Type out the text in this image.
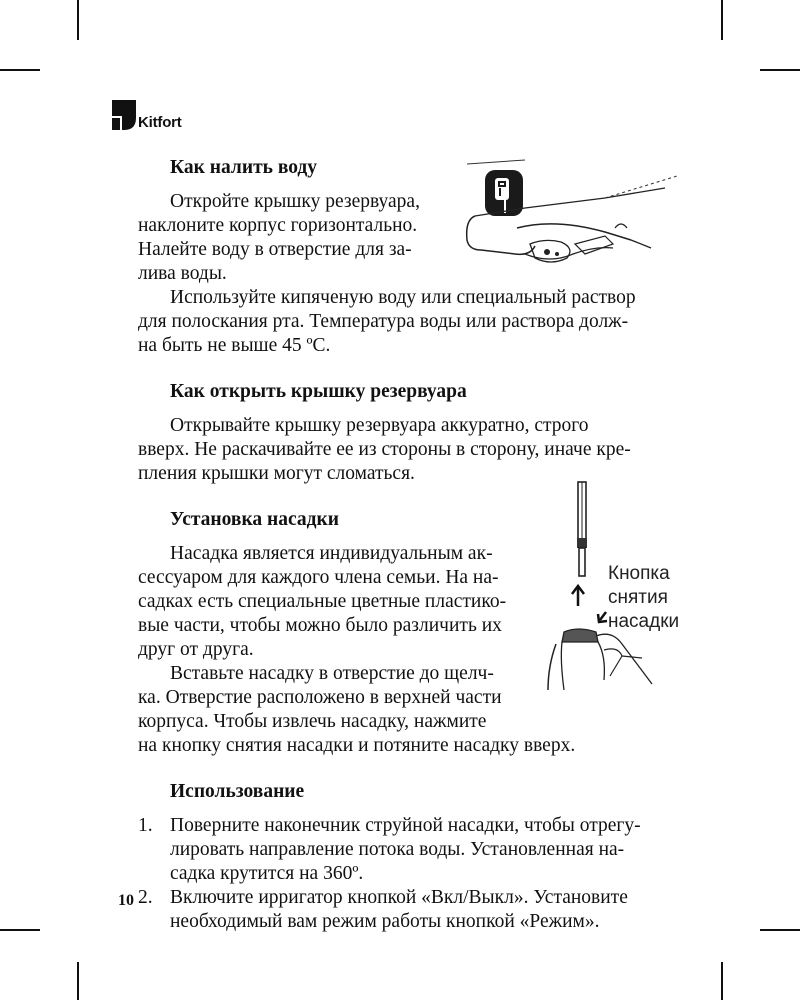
Kitfort
Кнопка
снятия
насадки

Как налить воду

Откройте крышку резервуара,

наклоните корпус горизонтально.

Налейте воду в отверстие для за-

лива воды.

Используйте кипяченую воду или специальный раствор

для полоскания рта. Температура воды или раствора долж-

на быть не выше 45 ºС.

Как открыть крышку резервуара

Открывайте крышку резервуара аккуратно, строго

вверх. Не раскачивайте ее из стороны в сторону, иначе кре-

пления крышки могут сломаться.

Установка насадки

Насадка является индивидуальным ак-

сессуаром для каждого члена семьи. На на-

садках есть специальные цветные пластико-

вые части, чтобы можно было различить их

друг от друга.

Вставьте насадку в отверстие до щелч-

ка. Отверстие расположено в верхней части

корпуса. Чтобы извлечь насадку, нажмите

на кнопку снятия насадки и потяните насадку вверх.

Использование

1. Поверните наконечник струйной насадки, чтобы отрегу-
лировать направление потока воды. Установленная на-
садка крутится на 360º.
2. Включите ирригатор кнопкой «Вкл/Выкл». Установите
необходимый вам режим работы кнопкой «Режим».
10
